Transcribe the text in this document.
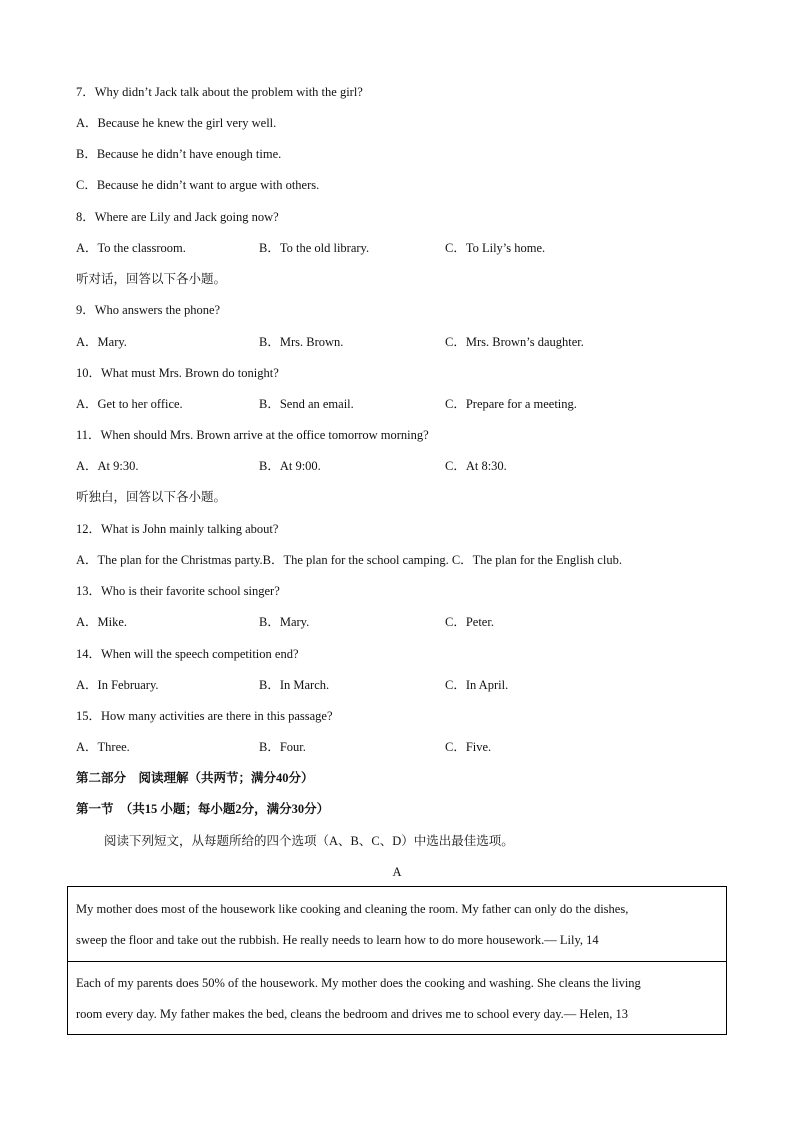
7．Why didn’t Jack talk about the problem with the girl?
A．Because he knew the girl very well.
B．Because he didn’t have enough time.
C．Because he didn’t want to argue with others.
8．Where are Lily and Jack going now?
A．To the classroom.	B．To the old library.	C．To Lily’s home.
听对话，回答以下各小题。
9．Who answers the phone?
A．Mary.	B．Mrs. Brown.	C．Mrs. Brown’s daughter.
10．What must Mrs. Brown do tonight?
A．Get to her office.	B．Send an email.	C．Prepare for a meeting.
11．When should Mrs. Brown arrive at the office tomorrow morning?
A．At 9:30.	B．At 9:00.	C．At 8:30.
听独白，回答以下各小题。
12．What is John mainly talking about?
A．The plan for the Christmas party.B．The plan for the school camping. C．The plan for the English club.
13．Who is their favorite school singer?
A．Mike.	B．Mary.	C．Peter.
14．When will the speech competition end?
A．In February.	B．In March.	C．In April.
15．How many activities are there in this passage?
A．Three.	B．Four.	C．Five.
第二部分　阅读理解（共两节；满分40分）
第一节　（共15 小题；每小题2分，满分30分）
阅读下列短文，从每题所给的四个选项（A、B、C、D）中选出最佳选项。
A
My mother does most of the housework like cooking and cleaning the room. My father can only do the dishes,
sweep the floor and take out the rubbish. He really needs to learn how to do more housework.— Lily, 14
Each of my parents does 50% of the housework. My mother does the cooking and washing. She cleans the living
room every day. My father makes the bed, cleans the bedroom and drives me to school every day.— Helen, 13
